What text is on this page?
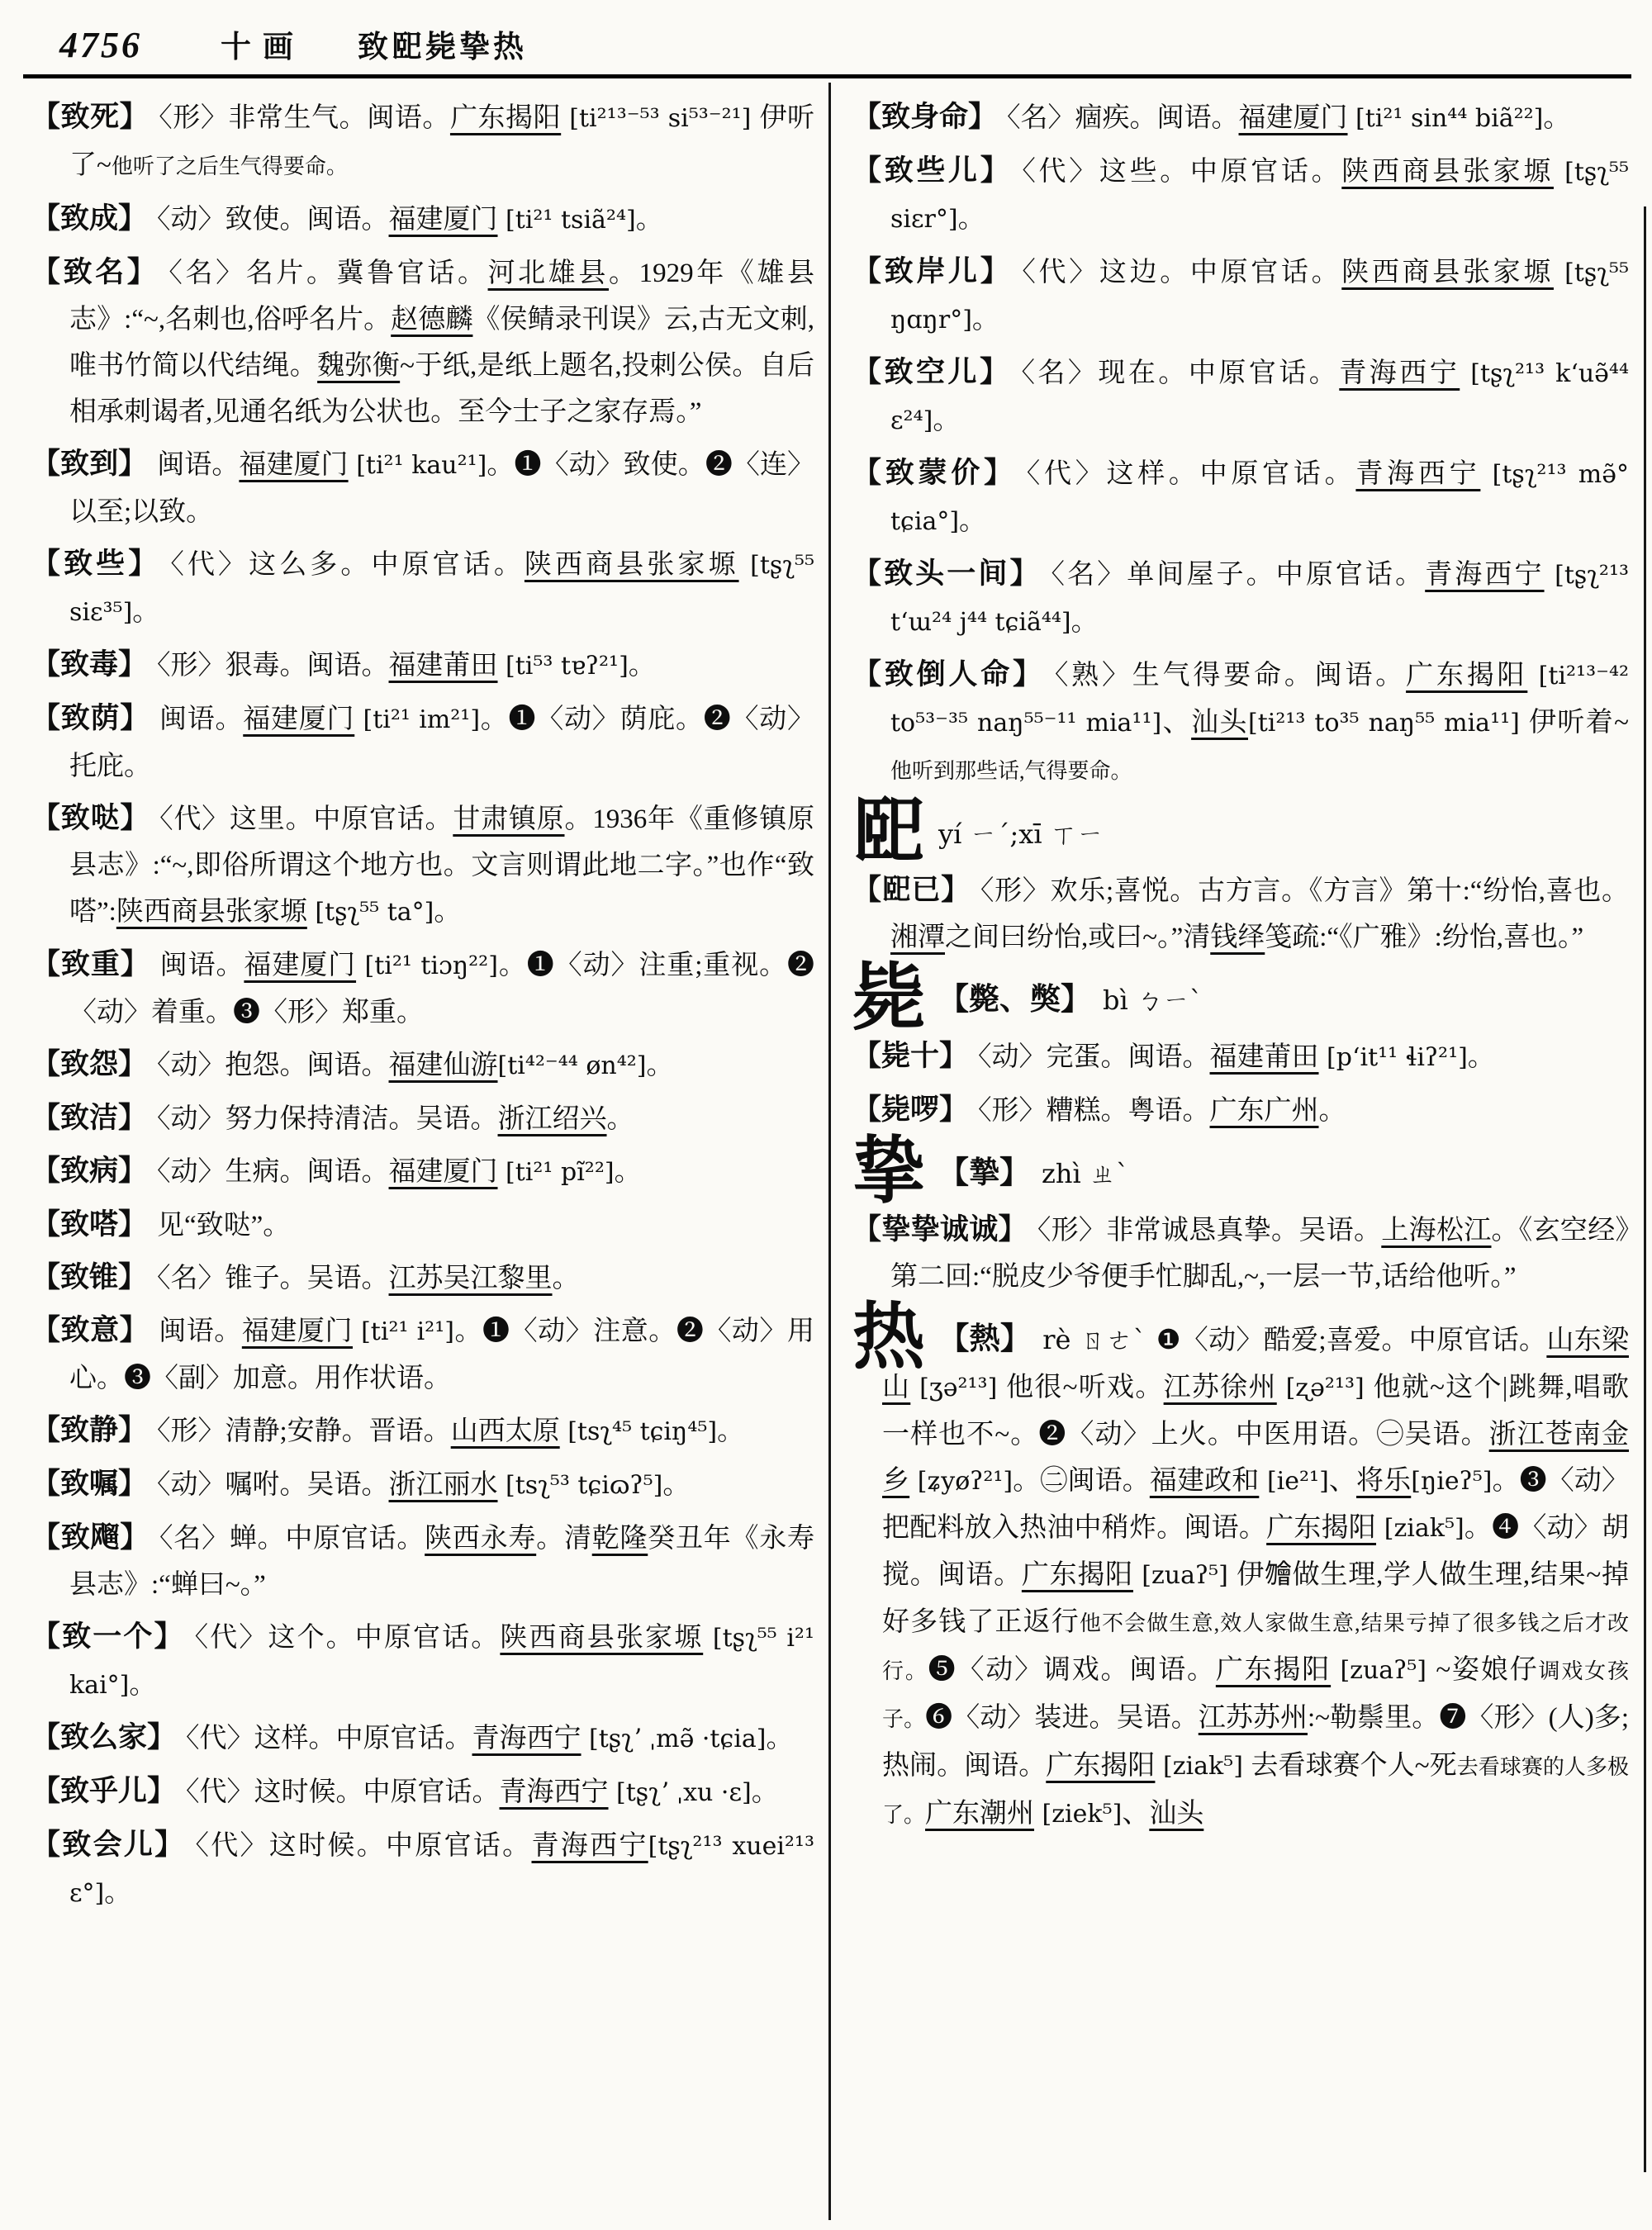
4756	十画 致巸毙挚热
【致死】 〈形〉非常生气。闽语。广东揭阳 [ti²¹³⁻⁵³ si⁵³⁻²¹] 伊听了~他听了之后生气得要命。
【致成】 〈动〉致使。闽语。福建厦门 [ti²¹ tsiã²⁴]。
【致名】 〈名〉名片。冀鲁官话。河北雄县。1929年《雄县志》:“~,名刺也,俗呼名片。赵德麟《侯鲭录刊误》云,古无文刺,唯书竹简以代结绳。魏弥衡~于纸,是纸上题名,投刺公侯。自后相承刺谒者,见通名纸为公状也。至今士子之家存焉。”
【致到】 闽语。福建厦门 [ti²¹ kau²¹]。❶〈动〉致使。❷〈连〉以至;以致。
【致些】 〈代〉这么多。中原官话。陕西商县张家塬 [tʂʅ⁵⁵ siɛ³⁵]。
【致毒】 〈形〉狠毒。闽语。福建莆田 [ti⁵³ tɐʔ²¹]。
【致荫】 闽语。福建厦门 [ti²¹ im²¹]。❶〈动〉荫庇。❷〈动〉托庇。
【致哒】 〈代〉这里。中原官话。甘肃镇原。1936年《重修镇原县志》:“~,即俗所谓这个地方也。文言则谓此地二字。”也作“致嗒”:陕西商县张家塬 [tʂʅ⁵⁵ ta°]。
【致重】 闽语。福建厦门 [ti²¹ tiɔŋ²²]。❶〈动〉注重;重视。❷〈动〉着重。❸〈形〉郑重。
【致怨】 〈动〉抱怨。闽语。福建仙游[ti⁴²⁻⁴⁴ øn⁴²]。
【致洁】 〈动〉努力保持清洁。吴语。浙江绍兴。
【致病】 〈动〉生病。闽语。福建厦门 [ti²¹ pĩ²²]。
【致嗒】 见“致哒”。
【致锥】 〈名〉锥子。吴语。江苏吴江黎里。
【致意】 闽语。福建厦门 [ti²¹ i²¹]。❶〈动〉注意。❷〈动〉用心。❸〈副〉加意。用作状语。
【致静】 〈形〉清静;安静。晋语。山西太原 [tsʅ⁴⁵ tɕiŋ⁴⁵]。
【致嘱】 〈动〉嘱咐。吴语。浙江丽水 [tsʅ⁵³ tɕiɷʔ⁵]。
【致飗】 〈名〉蝉。中原官话。陕西永寿。清乾隆癸丑年《永寿县志》:“蝉曰~。”
【致一个】 〈代〉这个。中原官话。陕西商县张家塬 [tʂʅ⁵⁵ i²¹ kai°]。
【致么家】 〈代〉这样。中原官话。青海西宁 [tʂʅʼ ˌmə̃ ·tɕia]。
【致乎儿】 〈代〉这时候。中原官话。青海西宁 [tʂʅʼ ˌxu ·ɛ]。
【致会儿】 〈代〉这时候。中原官话。青海西宁[tʂʅ²¹³ xuei²¹³ ɛ°]。
【致身命】 〈名〉痼疾。闽语。福建厦门 [ti²¹ sin⁴⁴ biã²²]。
【致些儿】 〈代〉这些。中原官话。陕西商县张家塬 [tʂʅ⁵⁵ siɛr°]。
【致岸儿】 〈代〉这边。中原官话。陕西商县张家塬 [tʂʅ⁵⁵ ŋɑŋr°]。
【致空儿】 〈名〉现在。中原官话。青海西宁 [tʂʅ²¹³ kʻuə̃⁴⁴ ɛ²⁴]。
【致蒙价】 〈代〉这样。中原官话。青海西宁 [tʂʅ²¹³ mə̃° tɕia°]。
【致头一间】 〈名〉单间屋子。中原官话。青海西宁 [tʂʅ²¹³ tʻɯ²⁴ j⁴⁴ tɕiã⁴⁴]。
【致倒人命】 〈熟〉生气得要命。闽语。广东揭阳 [ti²¹³⁻⁴² to⁵³⁻³⁵ naŋ⁵⁵⁻¹¹ mia¹¹]、汕头[ti²¹³ to³⁵ naŋ⁵⁵ mia¹¹] 伊听着~他听到那些话,气得要命。
巸yí ㄧˊ;xī ㄒㄧ
【巸已】 〈形〉欢乐;喜悦。古方言。《方言》第十:“纷怡,喜也。湘潭之间曰纷怡,或曰~。”清钱绎笺疏:“《广雅》:纷怡,喜也。”
毙 【斃、獘】 bì ㄅㄧˋ
【毙十】 〈动〉完蛋。闽语。福建莆田 [pʻit¹¹ ɬiʔ²¹]。
【毙啰】 〈形〉糟糕。粤语。广东广州。
挚 【摯】 zhì ㄓˋ
【挚挚诚诚】 〈形〉非常诚恳真挚。吴语。上海松江。《玄空经》第二回:“脱皮少爷便手忙脚乱,~,一层一节,话给他听。”
热 【熱】 rè ㄖㄜˋ ❶〈动〉酷爱;喜爱。中原官话。山东梁山 [ʒə²¹³] 他很~听戏。江苏徐州 [ʐə²¹³] 他就~这个|跳舞,唱歌一样也不~。❷〈动〉上火。中医用语。㊀吴语。浙江苍南金乡 [ʑyøʔ²¹]。㊁闽语。福建政和 [ie²¹]、将乐[ŋieʔ⁵]。❸〈动〉把配料放入热油中稍炸。闽语。广东揭阳 [ziak⁵]。❹〈动〉胡搅。闽语。广东揭阳 [zuaʔ⁵] 伊𣍐做生理,学人做生理,结果~掉好多钱了正返行他不会做生意,效人家做生意,结果亏掉了很多钱之后才改行。❺〈动〉调戏。闽语。广东揭阳 [zuaʔ⁵] ~姿娘仔调戏女孩子。❻〈动〉装进。吴语。江苏苏州:~勒鬃里。❼〈形〉(人)多;热闹。闽语。广东揭阳 [ziak⁵] 去看球赛个人~死去看球赛的人多极了。广东潮州 [ziek⁵]、汕头
